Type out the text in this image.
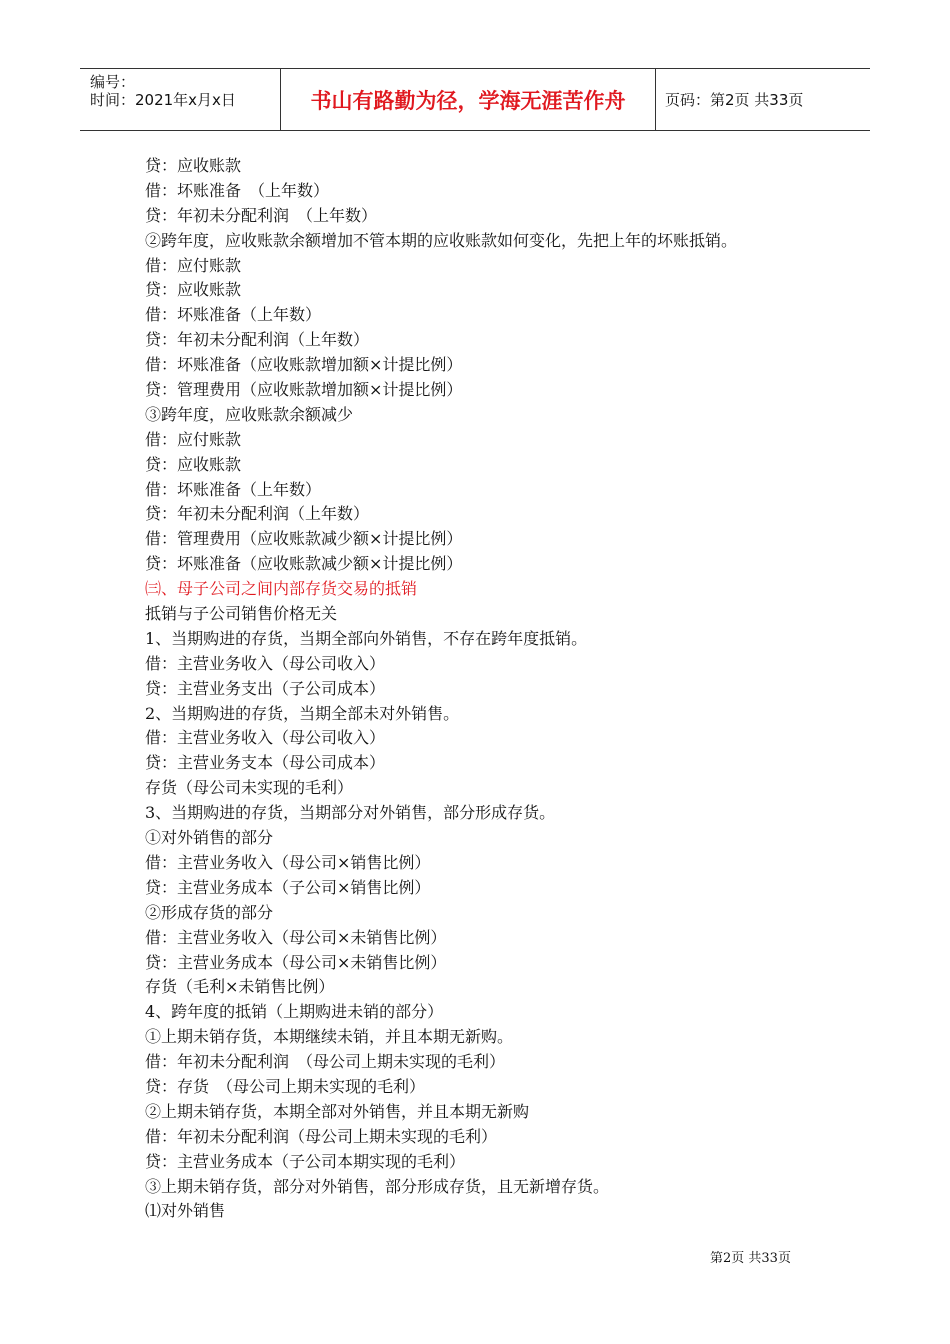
编号：
时间：2021年x月x日	书山有路勤为径，学海无涯苦作舟	页码：第2页 共33页
贷：应收账款
借：坏账准备　（上年数）
贷：年初未分配利润　（上年数）
②跨年度，应收账款余额增加不管本期的应收账款如何变化，先把上年的坏账抵销。
借：应付账款
贷：应收账款
借：坏账准备（上年数）
贷：年初未分配利润（上年数）
借：坏账准备（应收账款增加额×计提比例）
贷：管理费用（应收账款增加额×计提比例）
③跨年度，应收账款余额减少
借：应付账款
贷：应收账款
借：坏账准备（上年数）
贷：年初未分配利润（上年数）
借：管理费用（应收账款减少额×计提比例）
贷：坏账准备（应收账款减少额×计提比例）
㈢、母子公司之间内部存货交易的抵销
抵销与子公司销售价格无关
1、当期购进的存货，当期全部向外销售，不存在跨年度抵销。
借：主营业务收入（母公司收入）
贷：主营业务支出（子公司成本）
2、当期购进的存货，当期全部未对外销售。
借：主营业务收入（母公司收入）
贷：主营业务支本（母公司成本）
存货（母公司未实现的毛利）
3、当期购进的存货，当期部分对外销售，部分形成存货。
①对外销售的部分
借：主营业务收入（母公司×销售比例）
贷：主营业务成本（子公司×销售比例）
②形成存货的部分
借：主营业务收入（母公司×未销售比例）
贷：主营业务成本（母公司×未销售比例）
存货（毛利×未销售比例）
4、跨年度的抵销（上期购进未销的部分）
①上期未销存货，本期继续未销，并且本期无新购。
借：年初未分配利润　（母公司上期未实现的毛利）
贷：存货　（母公司上期未实现的毛利）
②上期未销存货，本期全部对外销售，并且本期无新购
借：年初未分配利润（母公司上期未实现的毛利）
贷：主营业务成本（子公司本期实现的毛利）
③上期未销存货，部分对外销售，部分形成存货，且无新增存货。
⑴对外销售
第2页 共33页
